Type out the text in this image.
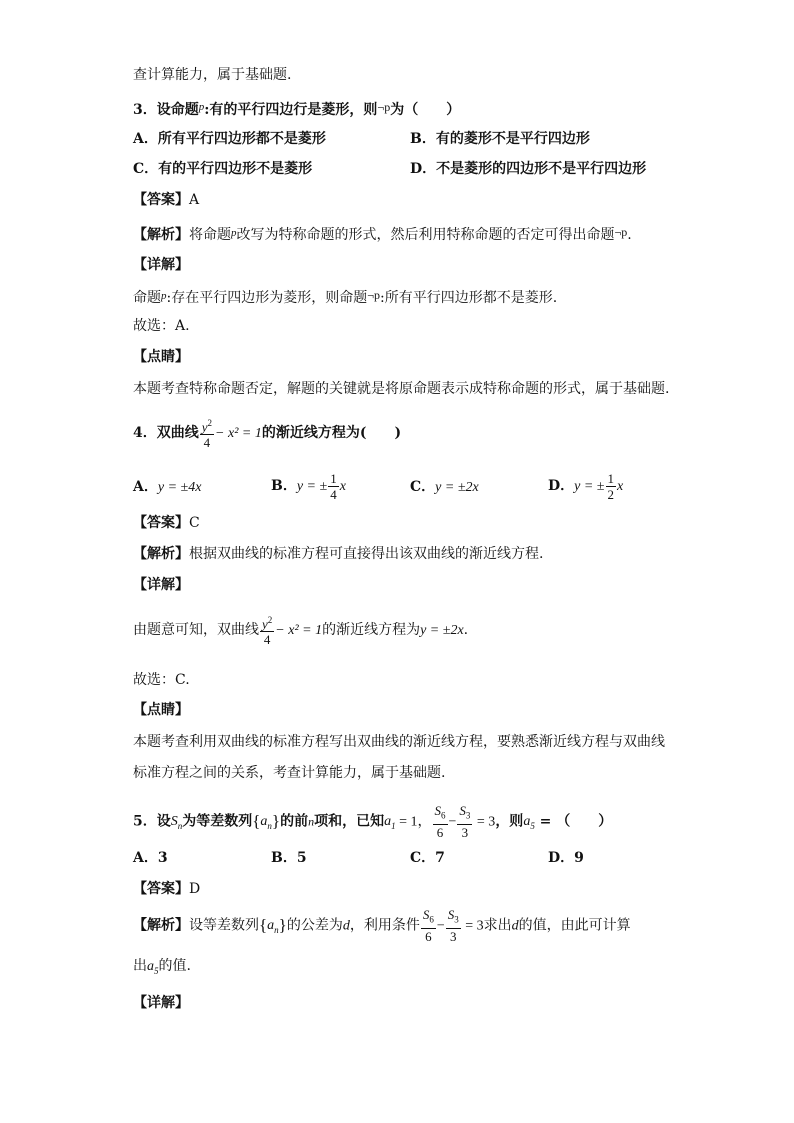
查计算能力，属于基础题.
3．设命题$^p$:有的平行四边行是菱形，则¬p为（　　）
A．所有平行四边形都不是菱形	B．有的菱形不是平行四边形
C．有的平行四边形不是菱形	D．不是菱形的四边形不是平行四边形
【答案】A
【解析】将命题$^p$改写为特称命题的形式，然后利用特称命题的否定可得出命题¬p.
【详解】
命题$^p$:存在平行四边形为菱形，则命题¬p:所有平行四边形都不是菱形.
故选：A.
【点睛】
本题考查特称命题否定，解题的关键就是将原命题表示成特称命题的形式，属于基础题.
4．双曲线 $\frac{y^2}{4} - x^2 = 1$的渐近线方程为(　　)
A．y = ±4x	B．y = ± $\frac{1}{4}$ x	C．y = ±2x	D．y = ± $\frac{1}{2}$ x
【答案】C
【解析】根据双曲线的标准方程可直接得出该双曲线的渐近线方程.
【详解】
由题意可知，双曲线 $\frac{y^2}{4} - x^2 = 1$的渐近线方程为y = ±2x.
故选：C.
【点睛】
本题考查利用双曲线的标准方程写出双曲线的渐近线方程，要熟悉渐近线方程与双曲线
标准方程之间的关系，考查计算能力，属于基础题.
5．设$S_n$为等差数列$\{a_n\}$的前n项和，已知$a_1 = 1$， $\frac{S_6}{6} - \frac{S_3}{3} = 3$，则$a_5$ = （　　）
A．3	B．5	C．7	D．9
【答案】D
【解析】设等差数列$\{a_n\}$的公差为d，利用条件 $\frac{S_6}{6} - \frac{S_3}{3} = 3$求出d的值，由此可计算
出$a_5$的值.
【详解】
